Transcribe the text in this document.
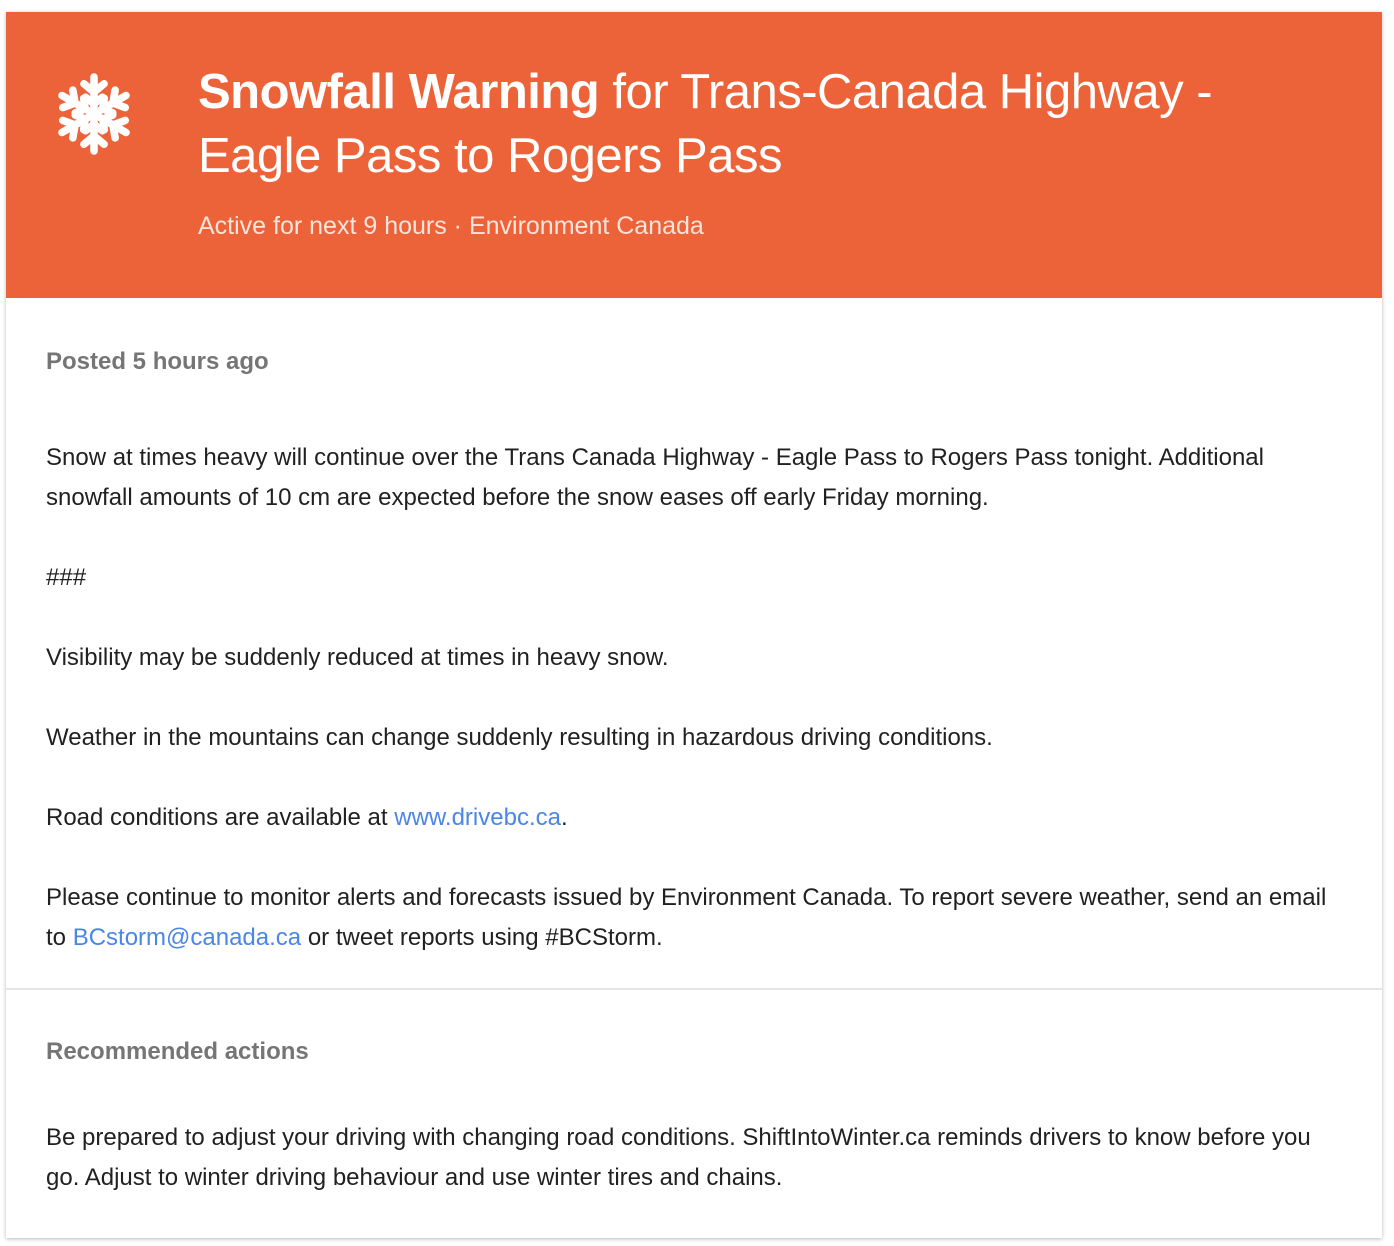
Snowfall Warning for Trans-Canada Highway - Eagle Pass to Rogers Pass
Active for next 9 hours · Environment Canada
Posted 5 hours ago

Snow at times heavy will continue over the Trans Canada Highway - Eagle Pass to Rogers Pass tonight. Additional snowfall amounts of 10 cm are expected before the snow eases off early Friday morning.

###

Visibility may be suddenly reduced at times in heavy snow.

Weather in the mountains can change suddenly resulting in hazardous driving conditions.

Road conditions are available at www.drivebc.ca.

Please continue to monitor alerts and forecasts issued by Environment Canada. To report severe weather, send an email to BCstorm@canada.ca or tweet reports using #BCStorm.

Recommended actions

Be prepared to adjust your driving with changing road conditions. ShiftIntoWinter.ca reminds drivers to know before you go. Adjust to winter driving behaviour and use winter tires and chains.
